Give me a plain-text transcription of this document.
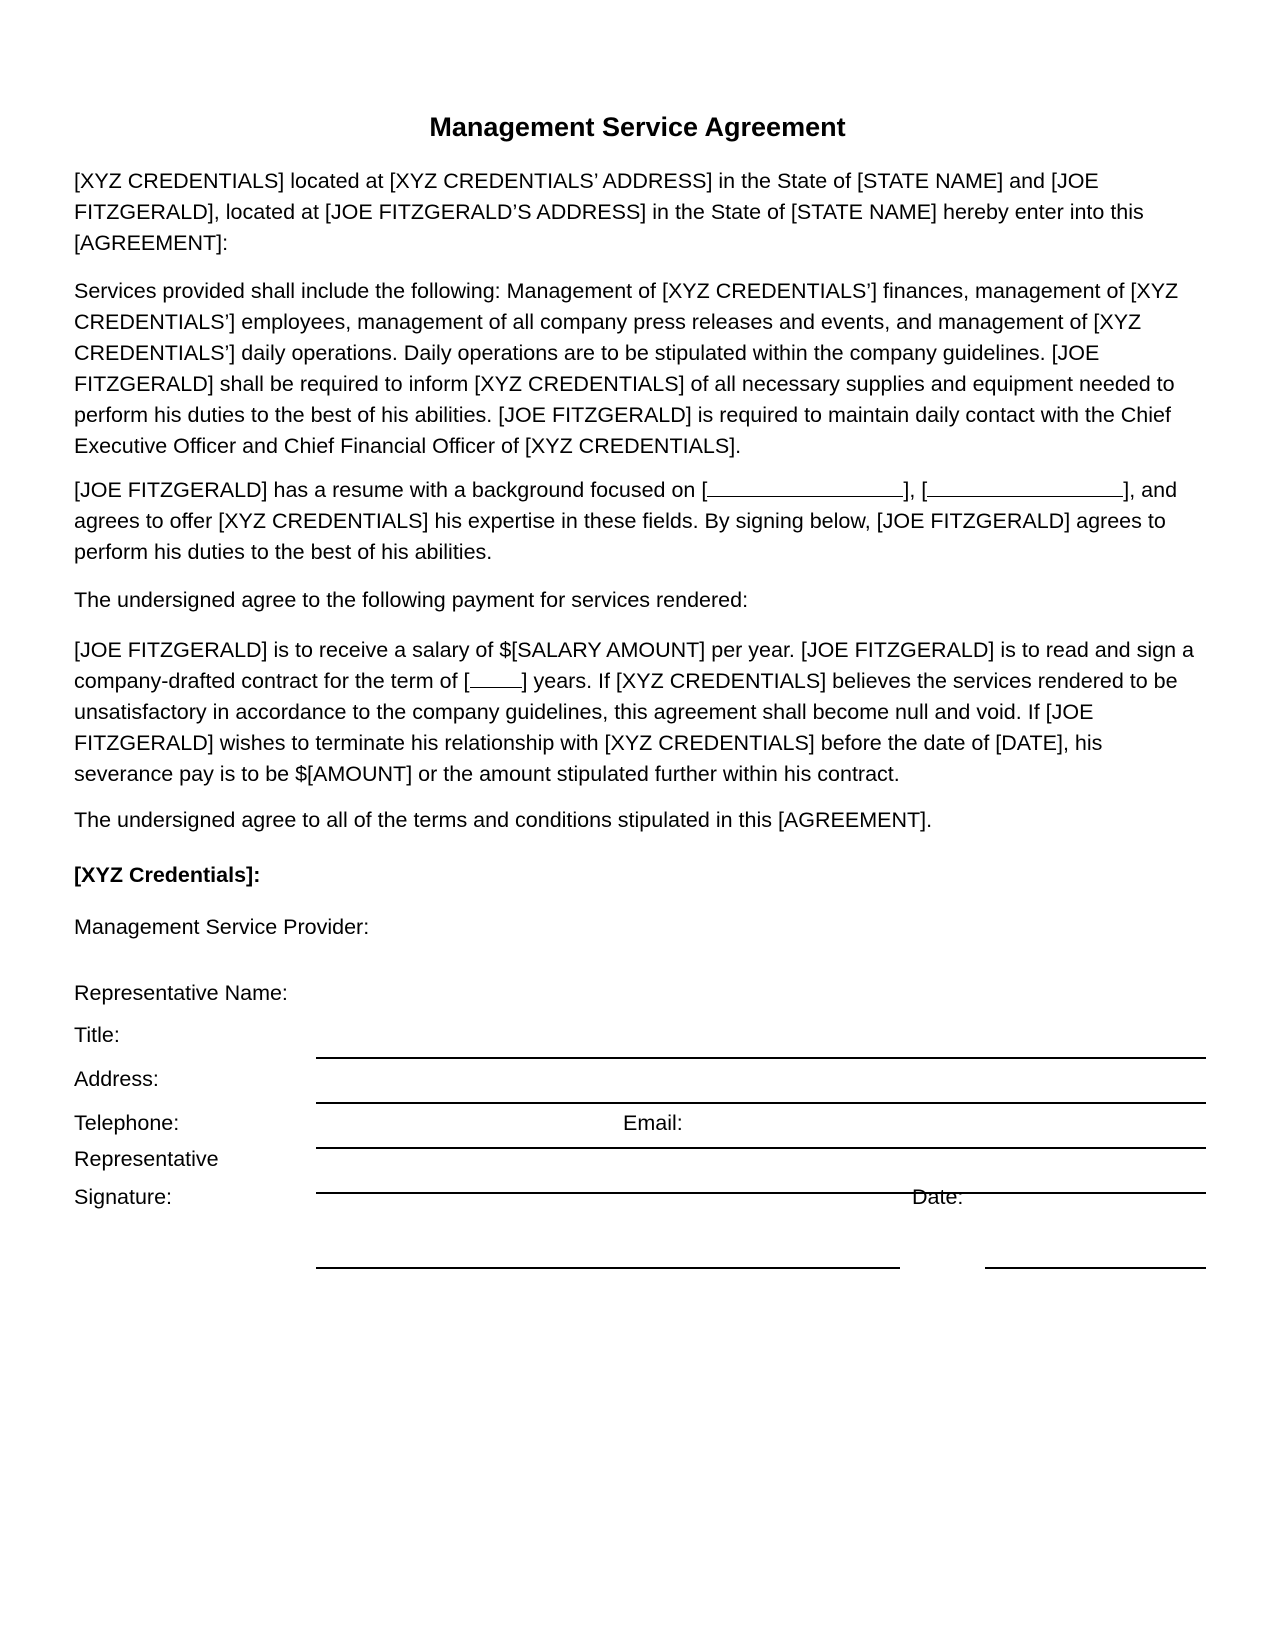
Management Service Agreement
[XYZ CREDENTIALS] located at [XYZ CREDENTIALS’ ADDRESS] in the State of [STATE NAME] and [JOE FITZGERALD], located at [JOE FITZGERALD’S ADDRESS] in the State of [STATE NAME] hereby enter into this [AGREEMENT]:
Services provided shall include the following: Management of [XYZ CREDENTIALS’] finances, management of [XYZ CREDENTIALS’] employees, management of all company press releases and events, and management of [XYZ CREDENTIALS’] daily operations. Daily operations are to be stipulated within the company guidelines. [JOE FITZGERALD] shall be required to inform [XYZ CREDENTIALS] of all necessary supplies and equipment needed to perform his duties to the best of his abilities. [JOE FITZGERALD] is required to maintain daily contact with the Chief Executive Officer and Chief Financial Officer of [XYZ CREDENTIALS].
[JOE FITZGERALD] has a resume with a background focused on [	], [	], and agrees to offer [XYZ CREDENTIALS] his expertise in these fields. By signing below, [JOE FITZGERALD] agrees to perform his duties to the best of his abilities.
The undersigned agree to the following payment for services rendered:
[JOE FITZGERALD] is to receive a salary of $[SALARY AMOUNT] per year. [JOE FITZGERALD] is to read and sign a company-drafted contract for the term of [ ] years. If [XYZ CREDENTIALS] believes the services rendered to be unsatisfactory in accordance to the company guidelines, this agreement shall become null and void. If [JOE FITZGERALD] wishes to terminate his relationship with [XYZ CREDENTIALS] before the date of [DATE], his severance pay is to be $[AMOUNT] or the amount stipulated further within his contract.
The undersigned agree to all of the terms and conditions stipulated in this [AGREEMENT].
[XYZ Credentials]:
Management Service Provider:
Representative Name:
Title:
Address:
Telephone:	Email:
Representative
Signature:	Date:
